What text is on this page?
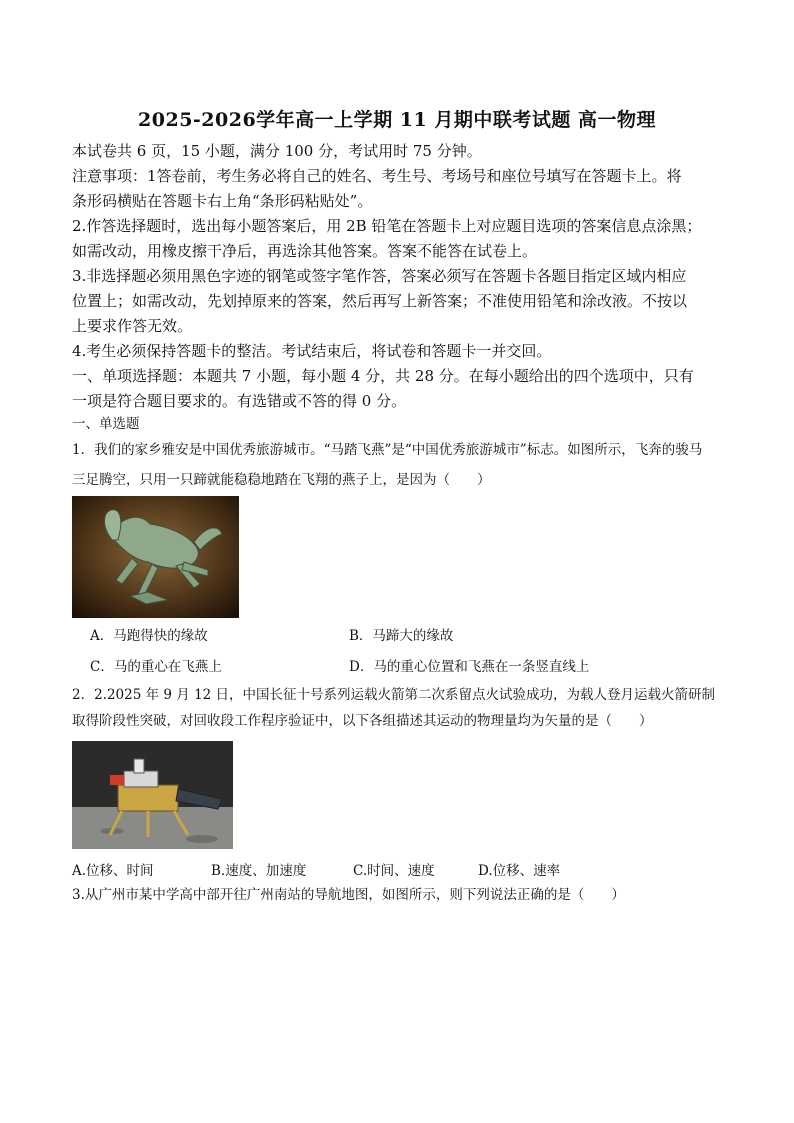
2025-2026学年高一上学期 11 月期中联考试题 高一物理
本试卷共 6 页，15 小题，满分 100 分，考试用时 75 分钟。
注意事项：1答卷前，考生务必将自己的姓名、考生号、考场号和座位号填写在答题卡上。将
条形码横贴在答题卡右上角“条形码粘贴处”。
2.作答选择题时，选出每小题答案后，用 2B 铅笔在答题卡上对应题目选项的答案信息点涂黑；
如需改动，用橡皮擦干净后，再选涂其他答案。答案不能答在试卷上。
3.非选择题必须用黑色字迹的钢笔或签字笔作答，答案必须写在答题卡各题目指定区域内相应
位置上；如需改动，先划掉原来的答案，然后再写上新答案；不准使用铅笔和涂改液。不按以
上要求作答无效。
4.考生必须保持答题卡的整洁。考试结束后，将试卷和答题卡一并交回。
一、单项选择题：本题共 7 小题，每小题 4 分，共 28 分。在每小题给出的四个选项中，只有
一项是符合题目要求的。有选错或不答的得 0 分。
一、单选题
1．我们的家乡雅安是中国优秀旅游城市。“马踏飞燕”是“中国优秀旅游城市”标志。如图所示，飞奔的骏马
三足腾空，只用一只蹄就能稳稳地踏在飞翔的燕子上，是因为（　　）
A．马跑得快的缘故	B．马蹄大的缘故
C．马的重心在飞燕上	D．马的重心位置和飞燕在一条竖直线上
2．2.2025 年 9 月 12 日，中国长征十号系列运载火箭第二次系留点火试验成功，为载人登月运载火箭研制
取得阶段性突破，对回收段工作程序验证中，以下各组描述其运动的物理量均为矢量的是（　　）
A.位移、时间	B.速度、加速度	C.时间、速度	D.位移、速率
3.从广州市某中学高中部开往广州南站的导航地图，如图所示，则下列说法正确的是（　　）
